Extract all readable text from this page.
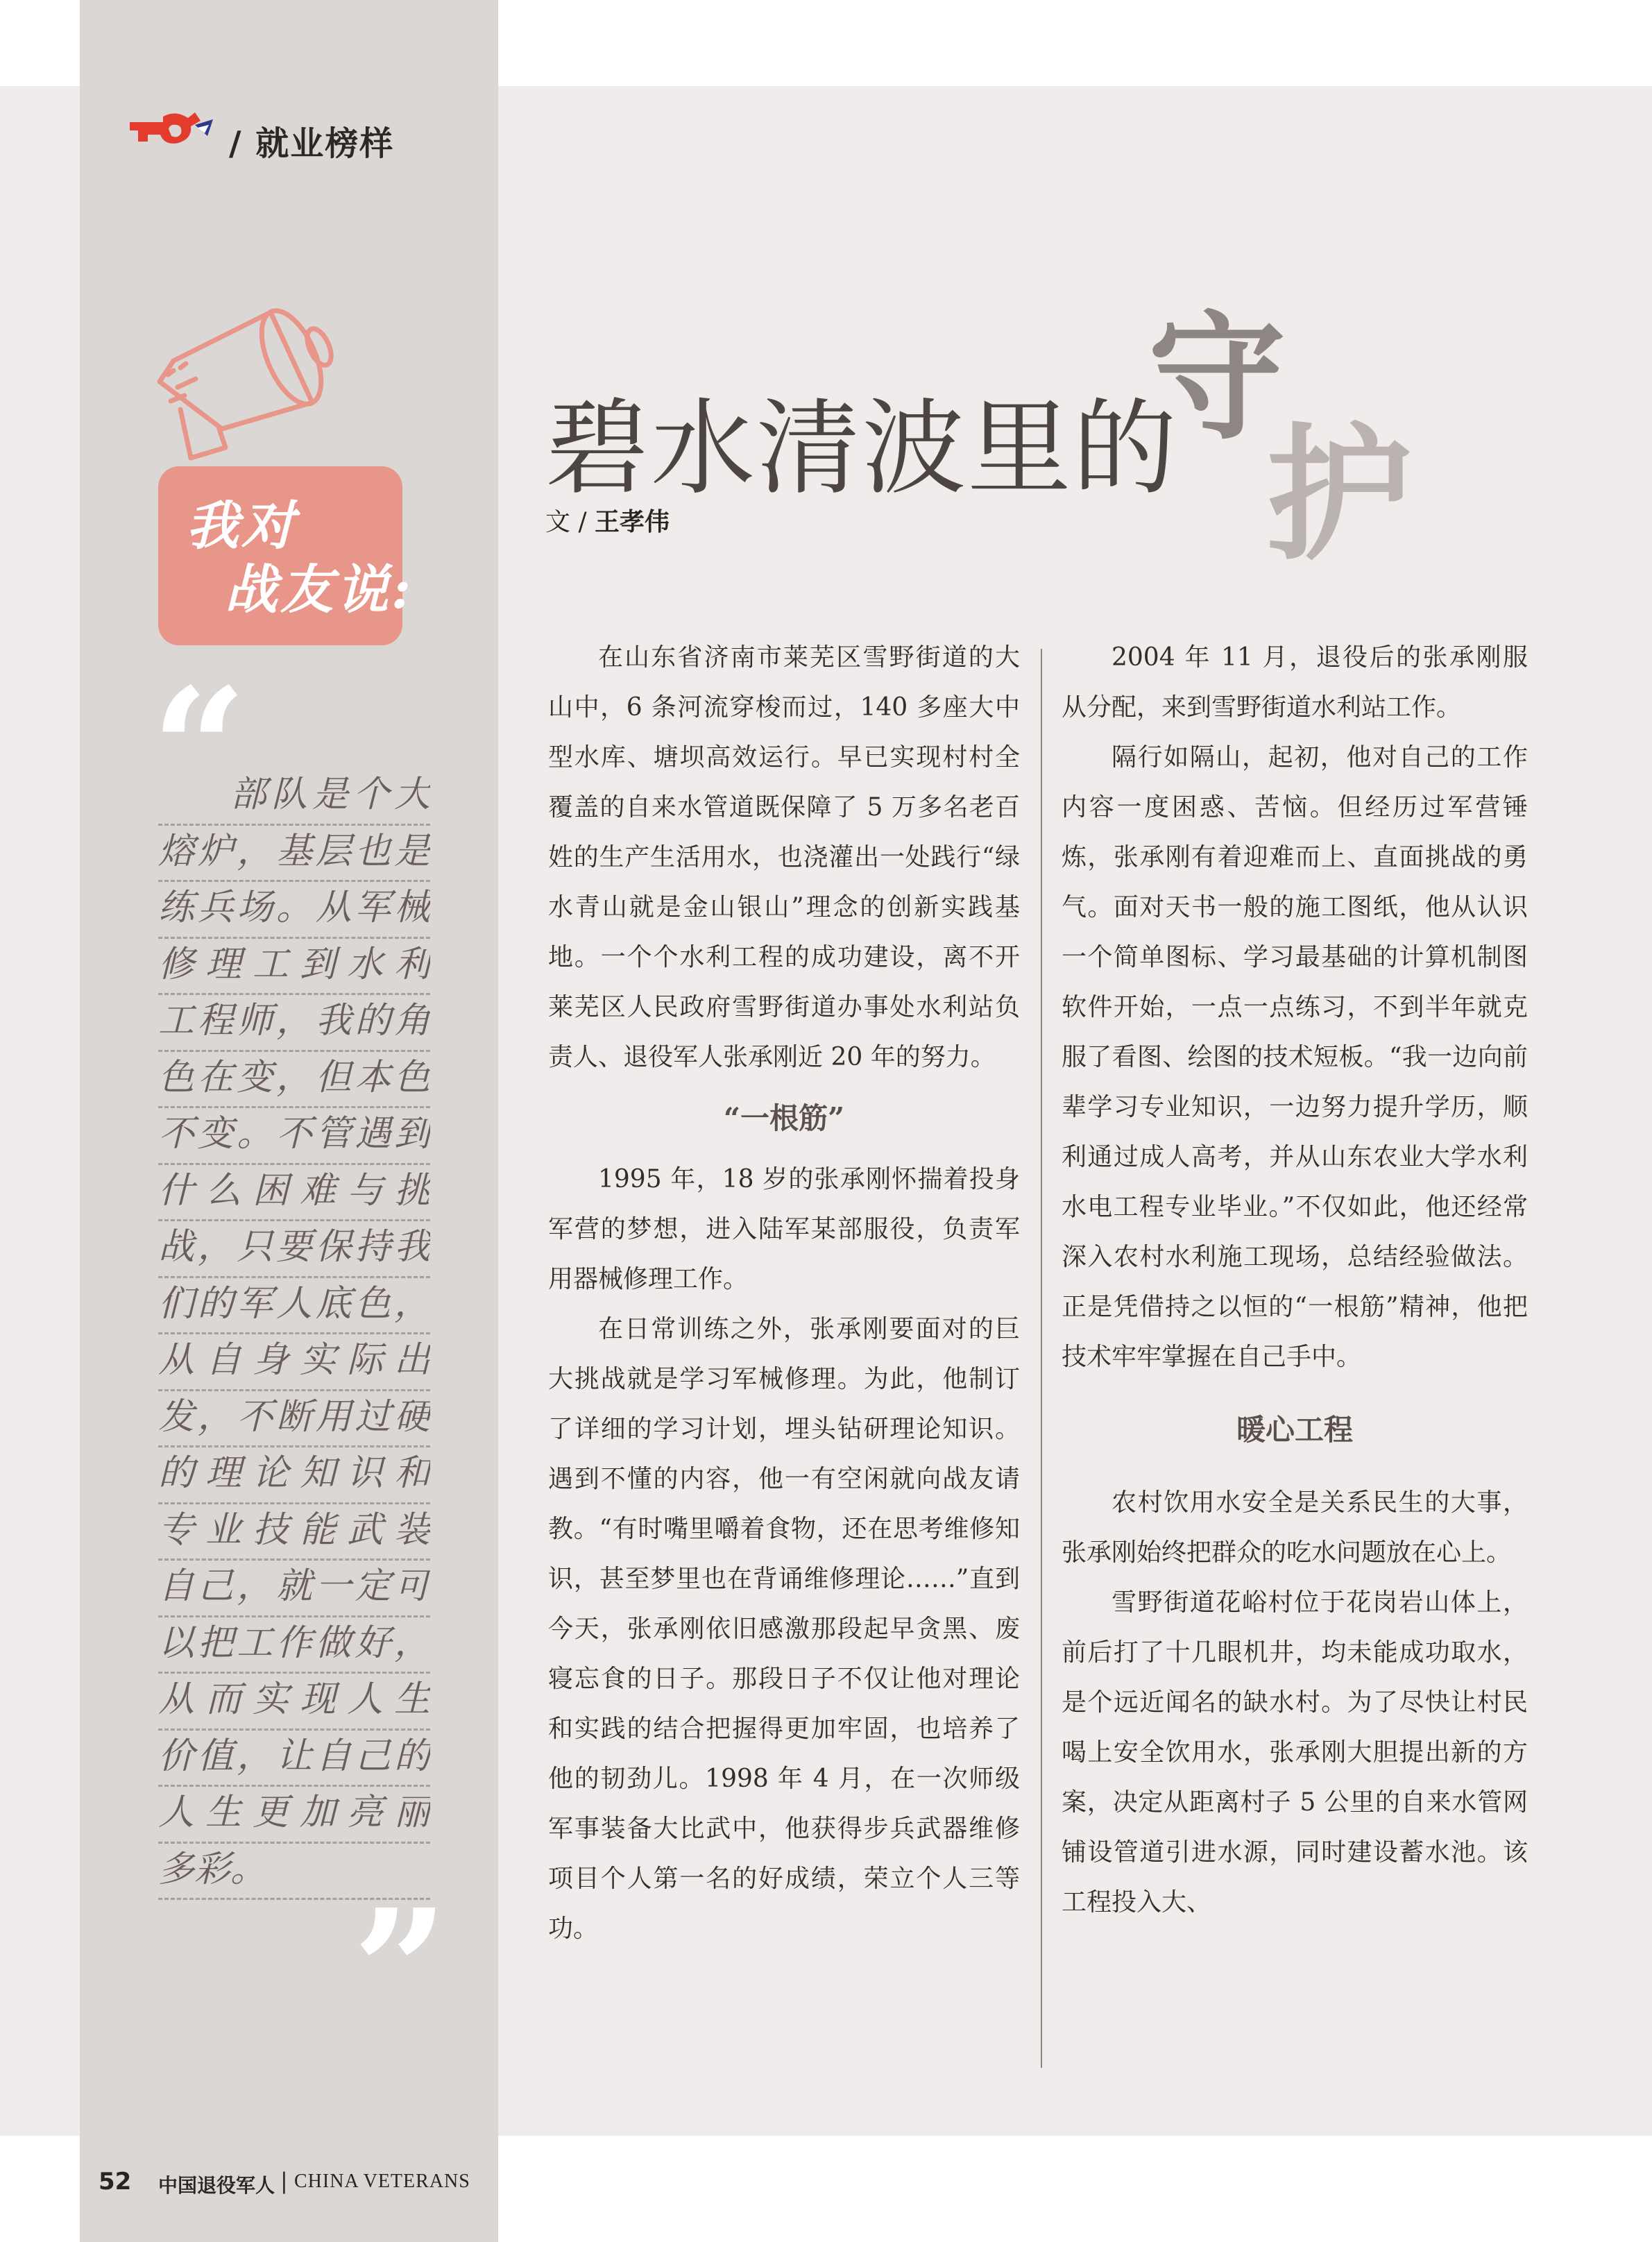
/ 就业榜样
我对
战友说:
“
部队是个大
熔炉，基层也是
练兵场。从军械
修理工到水利
工程师，我的角
色在变，但本色
不变。不管遇到
什么困难与挑
战，只要保持我
们的军人底色，
从自身实际出
发，不断用过硬
的理论知识和
专业技能武装
自己，就一定可
以把工作做好，
从而实现人生
价值，让自己的
人生更加亮丽
多彩。
”
碧水清波里的
守
护
文 / 王孝伟

在山东省济南市莱芜区雪野街道的大山中，6 条河流穿梭而过，140 多座大中型水库、塘坝高效运行。早已实现村村全覆盖的自来水管道既保障了 5 万多名老百姓的生产生活用水，也浇灌出一处践行“绿水青山就是金山银山”理念的创新实践基地。一个个水利工程的成功建设，离不开莱芜区人民政府雪野街道办事处水利站负责人、退役军人张承刚近 20 年的努力。

“一根筋”

1995 年，18 岁的张承刚怀揣着投身军营的梦想，进入陆军某部服役，负责军用器械修理工作。

在日常训练之外，张承刚要面对的巨大挑战就是学习军械修理。为此，他制订了详细的学习计划，埋头钻研理论知识。遇到不懂的内容，他一有空闲就向战友请教。“有时嘴里嚼着食物，还在思考维修知识，甚至梦里也在背诵维修理论……”直到今天，张承刚依旧感激那段起早贪黑、废寝忘食的日子。那段日子不仅让他对理论和实践的结合把握得更加牢固，也培养了他的韧劲儿。1998 年 4 月，在一次师级军事装备大比武中，他获得步兵武器维修项目个人第一名的好成绩，荣立个人三等功。

2004 年 11 月，退役后的张承刚服从分配，来到雪野街道水利站工作。

隔行如隔山，起初，他对自己的工作内容一度困惑、苦恼。但经历过军营锤炼，张承刚有着迎难而上、直面挑战的勇气。面对天书一般的施工图纸，他从认识一个简单图标、学习最基础的计算机制图软件开始，一点一点练习，不到半年就克服了看图、绘图的技术短板。“我一边向前辈学习专业知识，一边努力提升学历，顺利通过成人高考，并从山东农业大学水利水电工程专业毕业。”不仅如此，他还经常深入农村水利施工现场，总结经验做法。正是凭借持之以恒的“一根筋”精神，他把技术牢牢掌握在自己手中。

暖心工程

农村饮用水安全是关系民生的大事，张承刚始终把群众的吃水问题放在心上。

雪野街道花峪村位于花岗岩山体上，前后打了十几眼机井，均未能成功取水，是个远近闻名的缺水村。为了尽快让村民喝上安全饮用水，张承刚大胆提出新的方案，决定从距离村子 5 公里的自来水管网铺设管道引进水源，同时建设蓄水池。该工程投入大、

52 中国退役军人 | CHINA VETERANS
